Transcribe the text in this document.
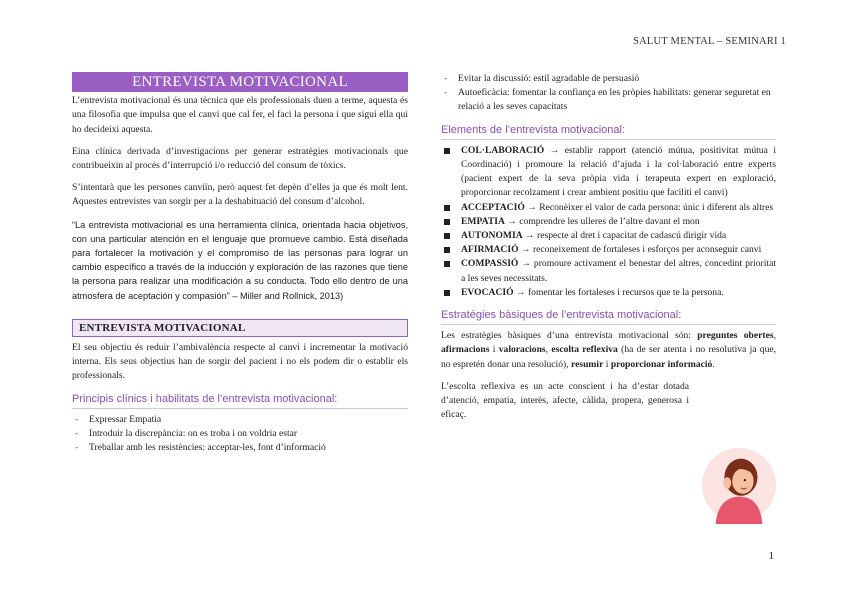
SALUT MENTAL – SEMINARI 1
ENTREVISTA MOTIVACIONAL

L’entrevista motivacional és una tècnica que els professionals duen a terme, aquesta és una filosofia que impulsa que el canvi que cal fer, el faci la persona i que sigui ella qui ho decideixi aquesta.

Eina clínica derivada d’investigacions per generar estratègies motivacionals que contribueixin al procés d’interrupció i/o reducció del consum de tòxics.

S’intentarà que les persones canviïn, però aquest fet depèn d’elles ja que és molt lent. Aquestes entrevistes van sorgir per a la deshabituació del consum d’alcohol.

“La entrevista motivacional es una herramienta clínica, orientada hacia objetivos, con una particular atención en el lenguaje que promueve cambio. Está diseñada para fortalecer la motivación y el compromiso de las personas para lograr un cambio específico a través de la inducción y exploración de las razones que tiene la persona para realizar una modificación a su conducta. Todo ello dentro de una atmosfera de aceptación y compasión” – Miller and Rollnick, 2013)

ENTREVISTA MOTIVACIONAL

El seu objectiu és reduir l’ambivalència respecte al canvi i incrementar la motivació interna. Els seus objectius han de sorgir del pacient i no els podem dir o establir els professionals.

Principis clínics i habilitats de l’entrevista motivacional:
- Expressar Empatia
- Introduir la discrepància: on es troba i on voldria estar
- Treballar amb les resistències: acceptar-les, font d’informació
- Evitar la discussió: estil agradable de persuasió
- Autoeficàcia: fomentar la confiança en les pròpies habilitats: generar seguretat en relació a les seves capacitats
Elements de l’entrevista motivacional:
COL·LABORACIÓ → establir rapport (atenció mútua, positivitat mútua i Coordinació) i promoure la relació d’ajuda i la col·laboració entre experts (pacient expert de la seva pròpia vida i terapeuta expert en exploració, proporcionar recolzament i crear ambient positiu que faciliti el canvi)
ACCEPTACIÓ → Reconèixer el valor de cada persona: únic i diferent als altres
EMPATIA → comprendre les ulleres de l’altre davant el mon
AUTONOMIA → respecte al dret i capacitat de cadascú dirigir vida
AFIRMACIÓ → reconeixement de fortaleses i esforços per aconseguir canvi
COMPASSIÓ → promoure activament el benestar del altres, concedint prioritat a les seves necessitats.
EVOCACIÓ → fomentar les fortaleses i recursos que te la persona.
Estratègies bàsiques de l’entrevista motivacional:

Les estratègies bàsiques d’una entrevista motivacional són: preguntes obertes, afirmacions i valoracions, escolta reflexiva (ha de ser atenta i no resolutiva ja que, no espretén donar una resolució), resumir i proporcionar informació.

L’escolta reflexiva es un acte conscient i ha d’estar dotada d’atenció, empatia, interès, afecte, càlida, propera, generosa i eficaç.

1
